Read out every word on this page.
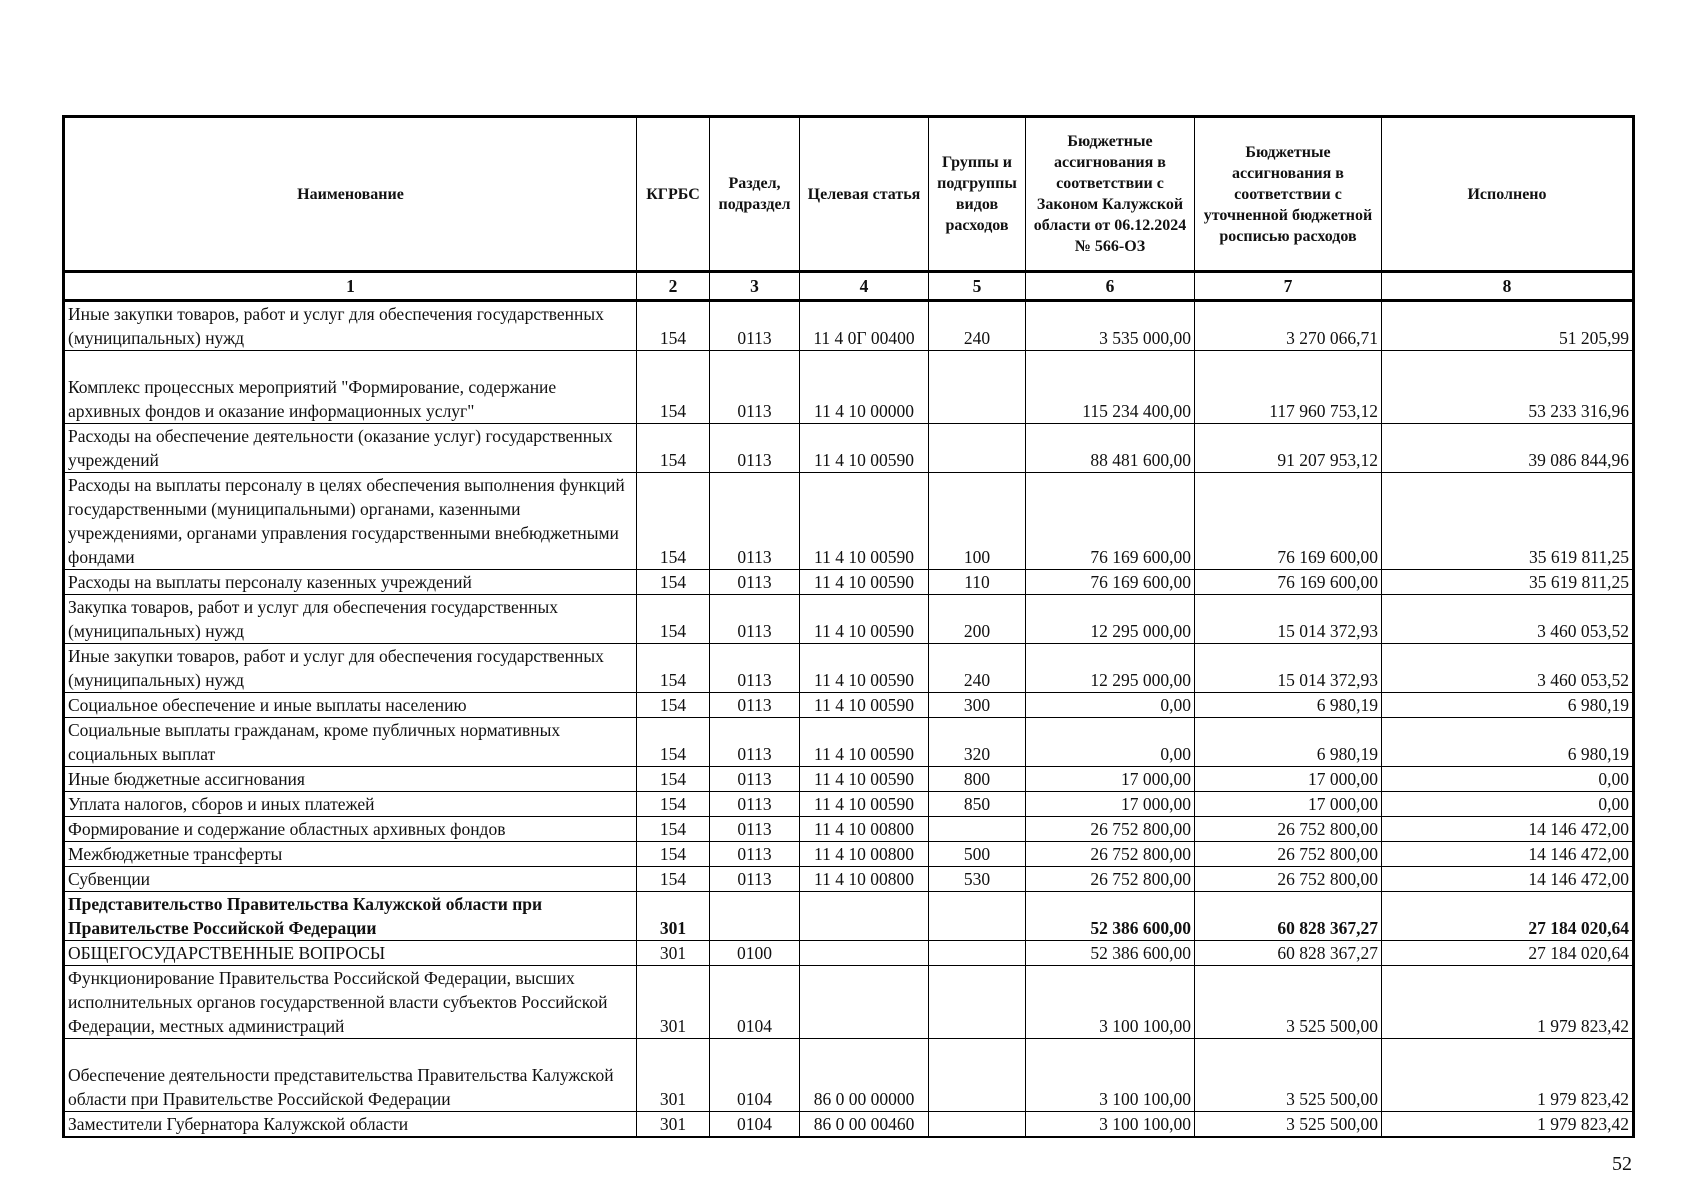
Наименование	КГРБС	Раздел, подраздел	Целевая статья	Группы и подгруппы видов расходов	Бюджетные ассигнования в соответствии с Законом Калужской области от 06.12.2024 № 566-ОЗ	Бюджетные ассигнования в соответствии с уточненной бюджетной росписью расходов	Исполнено
1	2	3	4	5	6	7	8
Иные закупки товаров, работ и услуг для обеспечения государственных (муниципальных) нужд	154	0113	11 4 0Г 00400	240	3 535 000,00	3 270 066,71	51 205,99
Комплекс процессных мероприятий "Формирование, содержание архивных фондов и оказание информационных услуг"	154	0113	11 4 10 00000		115 234 400,00	117 960 753,12	53 233 316,96
Расходы на обеспечение деятельности (оказание услуг) государственных учреждений	154	0113	11 4 10 00590		88 481 600,00	91 207 953,12	39 086 844,96
Расходы на выплаты персоналу в целях обеспечения выполнения функций государственными (муниципальными) органами, казенными учреждениями, органами управления государственными внебюджетными фондами	154	0113	11 4 10 00590	100	76 169 600,00	76 169 600,00	35 619 811,25
Расходы на выплаты персоналу казенных учреждений	154	0113	11 4 10 00590	110	76 169 600,00	76 169 600,00	35 619 811,25
Закупка товаров, работ и услуг для обеспечения государственных (муниципальных) нужд	154	0113	11 4 10 00590	200	12 295 000,00	15 014 372,93	3 460 053,52
Иные закупки товаров, работ и услуг для обеспечения государственных (муниципальных) нужд	154	0113	11 4 10 00590	240	12 295 000,00	15 014 372,93	3 460 053,52
Социальное обеспечение и иные выплаты населению	154	0113	11 4 10 00590	300	0,00	6 980,19	6 980,19
Социальные выплаты гражданам, кроме публичных нормативных социальных выплат	154	0113	11 4 10 00590	320	0,00	6 980,19	6 980,19
Иные бюджетные ассигнования	154	0113	11 4 10 00590	800	17 000,00	17 000,00	0,00
Уплата налогов, сборов и иных платежей	154	0113	11 4 10 00590	850	17 000,00	17 000,00	0,00
Формирование и содержание областных архивных фондов	154	0113	11 4 10 00800		26 752 800,00	26 752 800,00	14 146 472,00
Межбюджетные трансферты	154	0113	11 4 10 00800	500	26 752 800,00	26 752 800,00	14 146 472,00
Субвенции	154	0113	11 4 10 00800	530	26 752 800,00	26 752 800,00	14 146 472,00
Представительство Правительства Калужской области при Правительстве Российской Федерации	301				52 386 600,00	60 828 367,27	27 184 020,64
ОБЩЕГОСУДАРСТВЕННЫЕ ВОПРОСЫ	301	0100			52 386 600,00	60 828 367,27	27 184 020,64
Функционирование Правительства Российской Федерации, высших исполнительных органов государственной власти субъектов Российской Федерации, местных администраций	301	0104			3 100 100,00	3 525 500,00	1 979 823,42
Обеспечение деятельности представительства Правительства Калужской области при Правительстве Российской Федерации	301	0104	86 0 00 00000		3 100 100,00	3 525 500,00	1 979 823,42
Заместители Губернатора Калужской области	301	0104	86 0 00 00460		3 100 100,00	3 525 500,00	1 979 823,42
52
